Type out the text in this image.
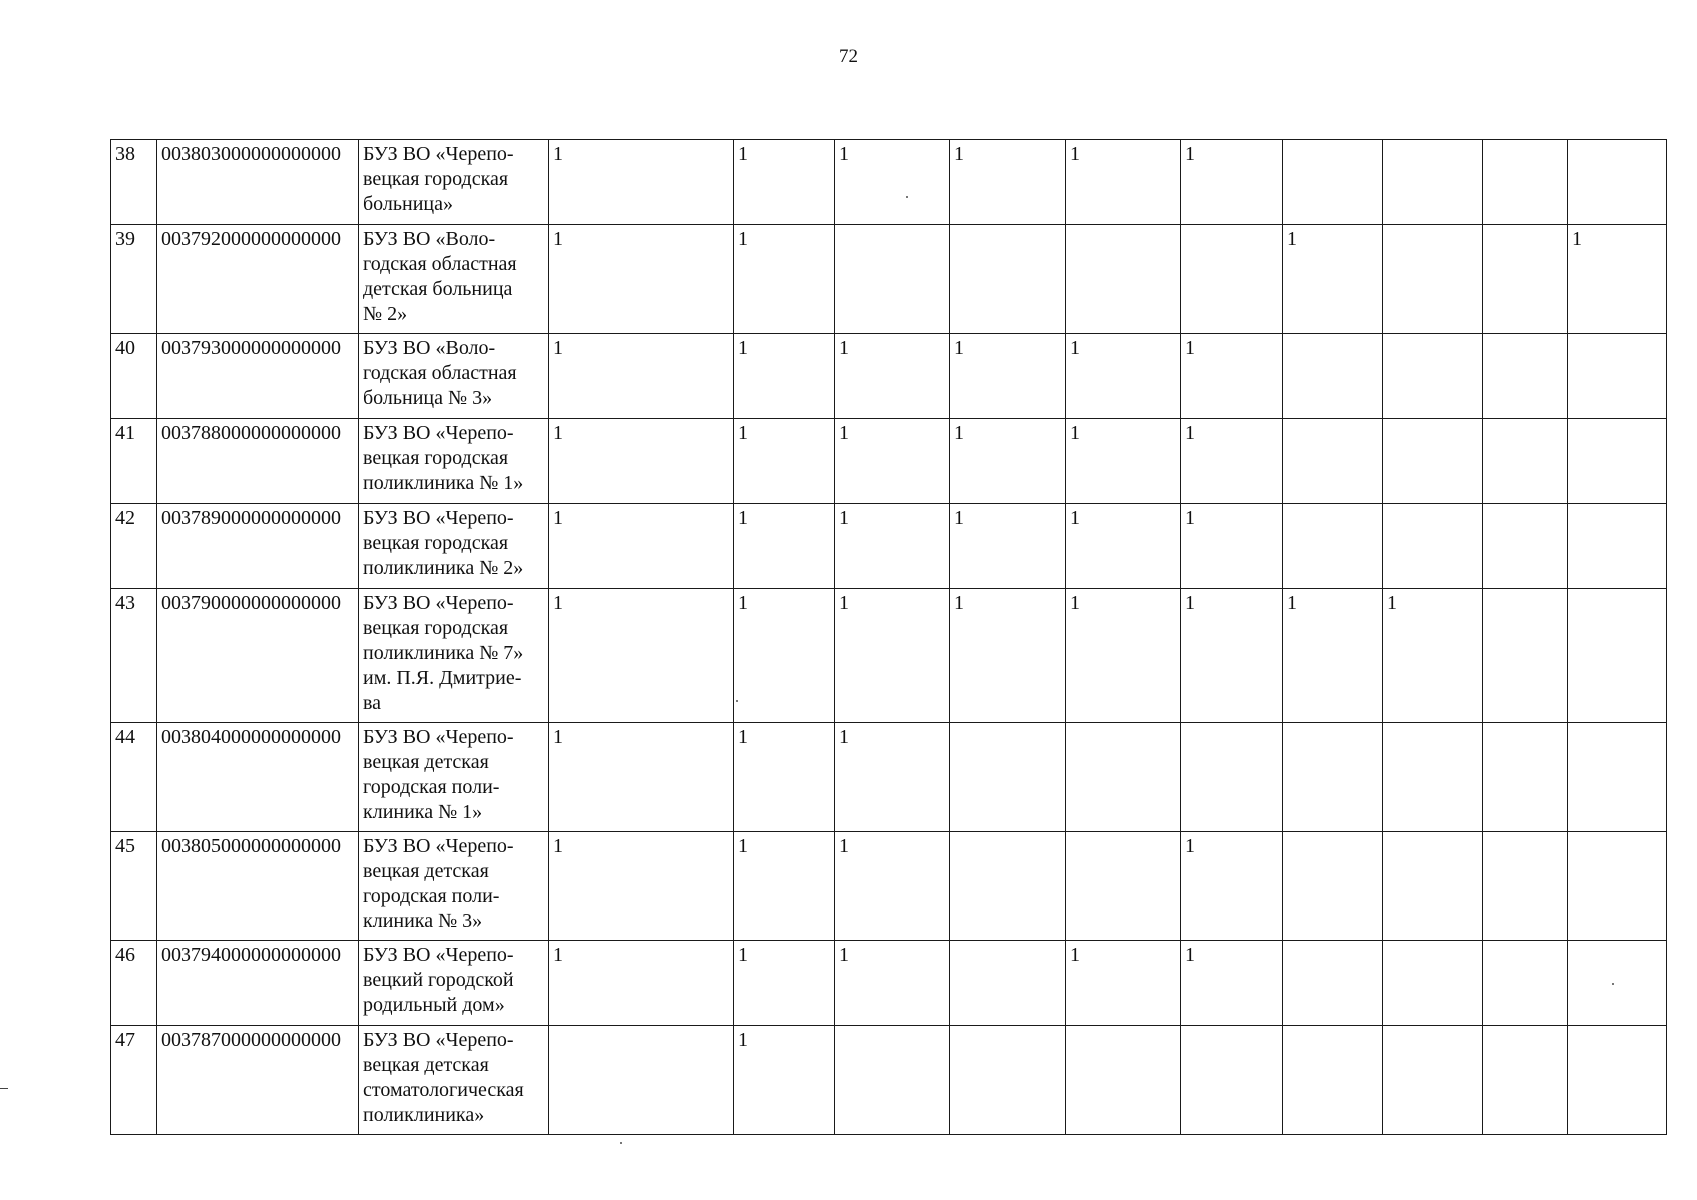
72
38	003803000000000000	БУЗ ВО «Черепо-
вецкая городская
больница»	1	1	1	1	1	1				
39	003792000000000000	БУЗ ВО «Воло-
годская областная
детская больница
№ 2»	1	1					1			1
40	003793000000000000	БУЗ ВО «Воло-
годская областная
больница № 3»	1	1	1	1	1	1				
41	003788000000000000	БУЗ ВО «Черепо-
вецкая городская
поликлиника № 1»	1	1	1	1	1	1				
42	003789000000000000	БУЗ ВО «Черепо-
вецкая городская
поликлиника № 2»	1	1	1	1	1	1				
43	003790000000000000	БУЗ ВО «Черепо-
вецкая городская
поликлиника № 7»
им. П.Я. Дмитрие-
ва	1	1	1	1	1	1	1	1		
44	003804000000000000	БУЗ ВО «Черепо-
вецкая детская
городская поли-
клиника № 1»	1	1	1							
45	003805000000000000	БУЗ ВО «Черепо-
вецкая детская
городская поли-
клиника № 3»	1	1	1			1				
46	003794000000000000	БУЗ ВО «Черепо-
вецкий городской
родильный дом»	1	1	1		1	1				
47	003787000000000000	БУЗ ВО «Черепо-
вецкая детская
стоматологическая
поликлиника»		1								
